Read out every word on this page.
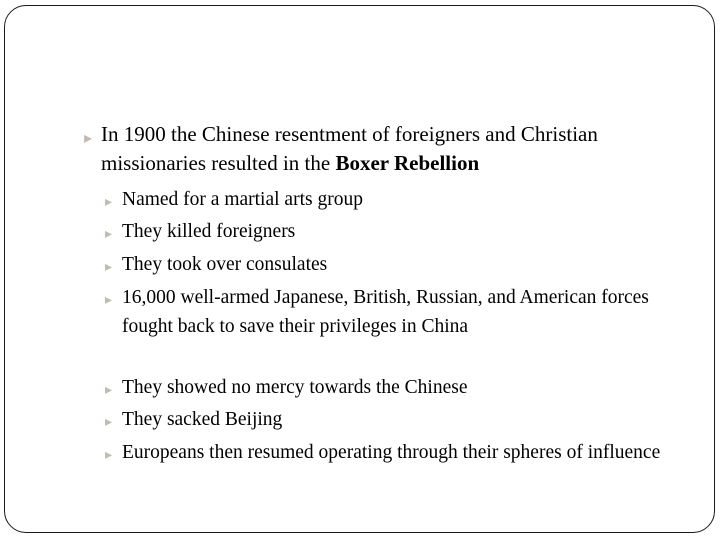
▸
In 1900 the Chinese resentment of foreigners and Christian missionaries resulted in the Boxer Rebellion

▸
Named for a martial arts group

▸
They killed foreigners

▸
They took over consulates

▸
16,000 well-armed Japanese, British, Russian, and American forces fought back to save their privileges in China

▸
They showed no mercy towards the Chinese

▸
They sacked Beijing

▸
Europeans then resumed operating through their spheres of influence
